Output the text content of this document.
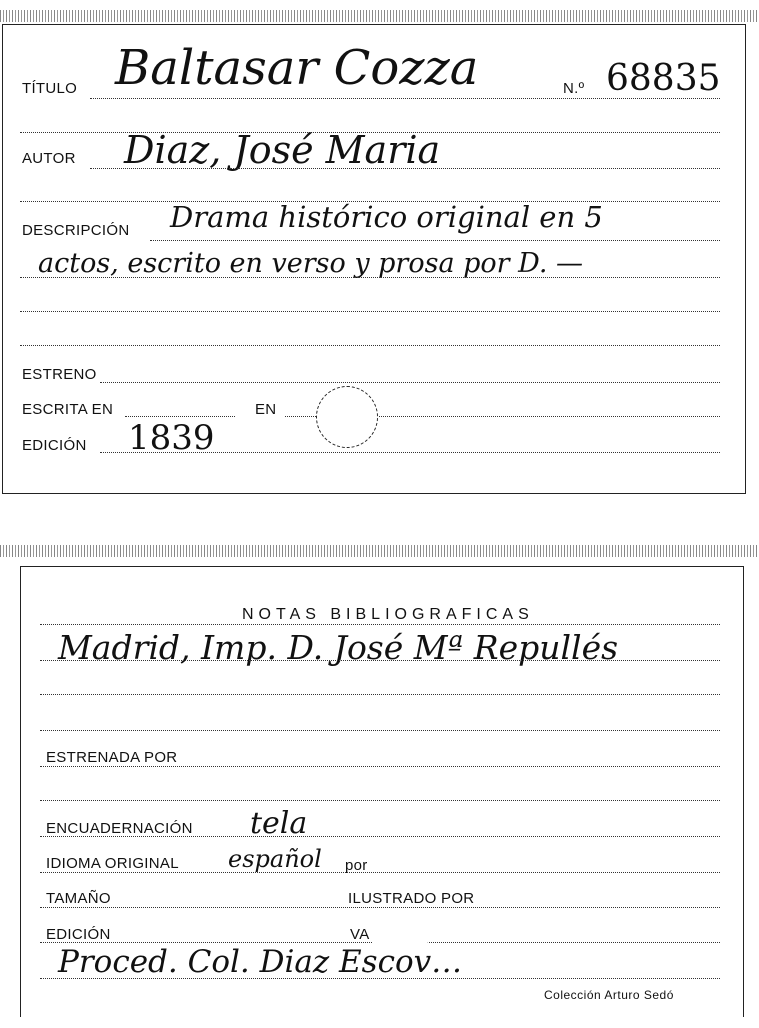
TÍTULO Baltasar Cozza	N.º 68835
AUTOR Diaz, José Maria
DESCRIPCIÓN Drama histórico original en 5
actos, escrito en verso y prosa por D. —
ESTRENO
ESCRITA EN	EN
EDICIÓN 1839
NOTAS BIBLIOGRAFICAS
Madrid, Imp. D. José Mª Repullés
ESTRENADA POR
ENCUADERNACIÓN tela
IDIOMA ORIGINAL español por
TAMAÑO	ILUSTRADO POR
EDICIÓN	VA
Proced. Col. Diaz Escov…
Colección Arturo Sedó
